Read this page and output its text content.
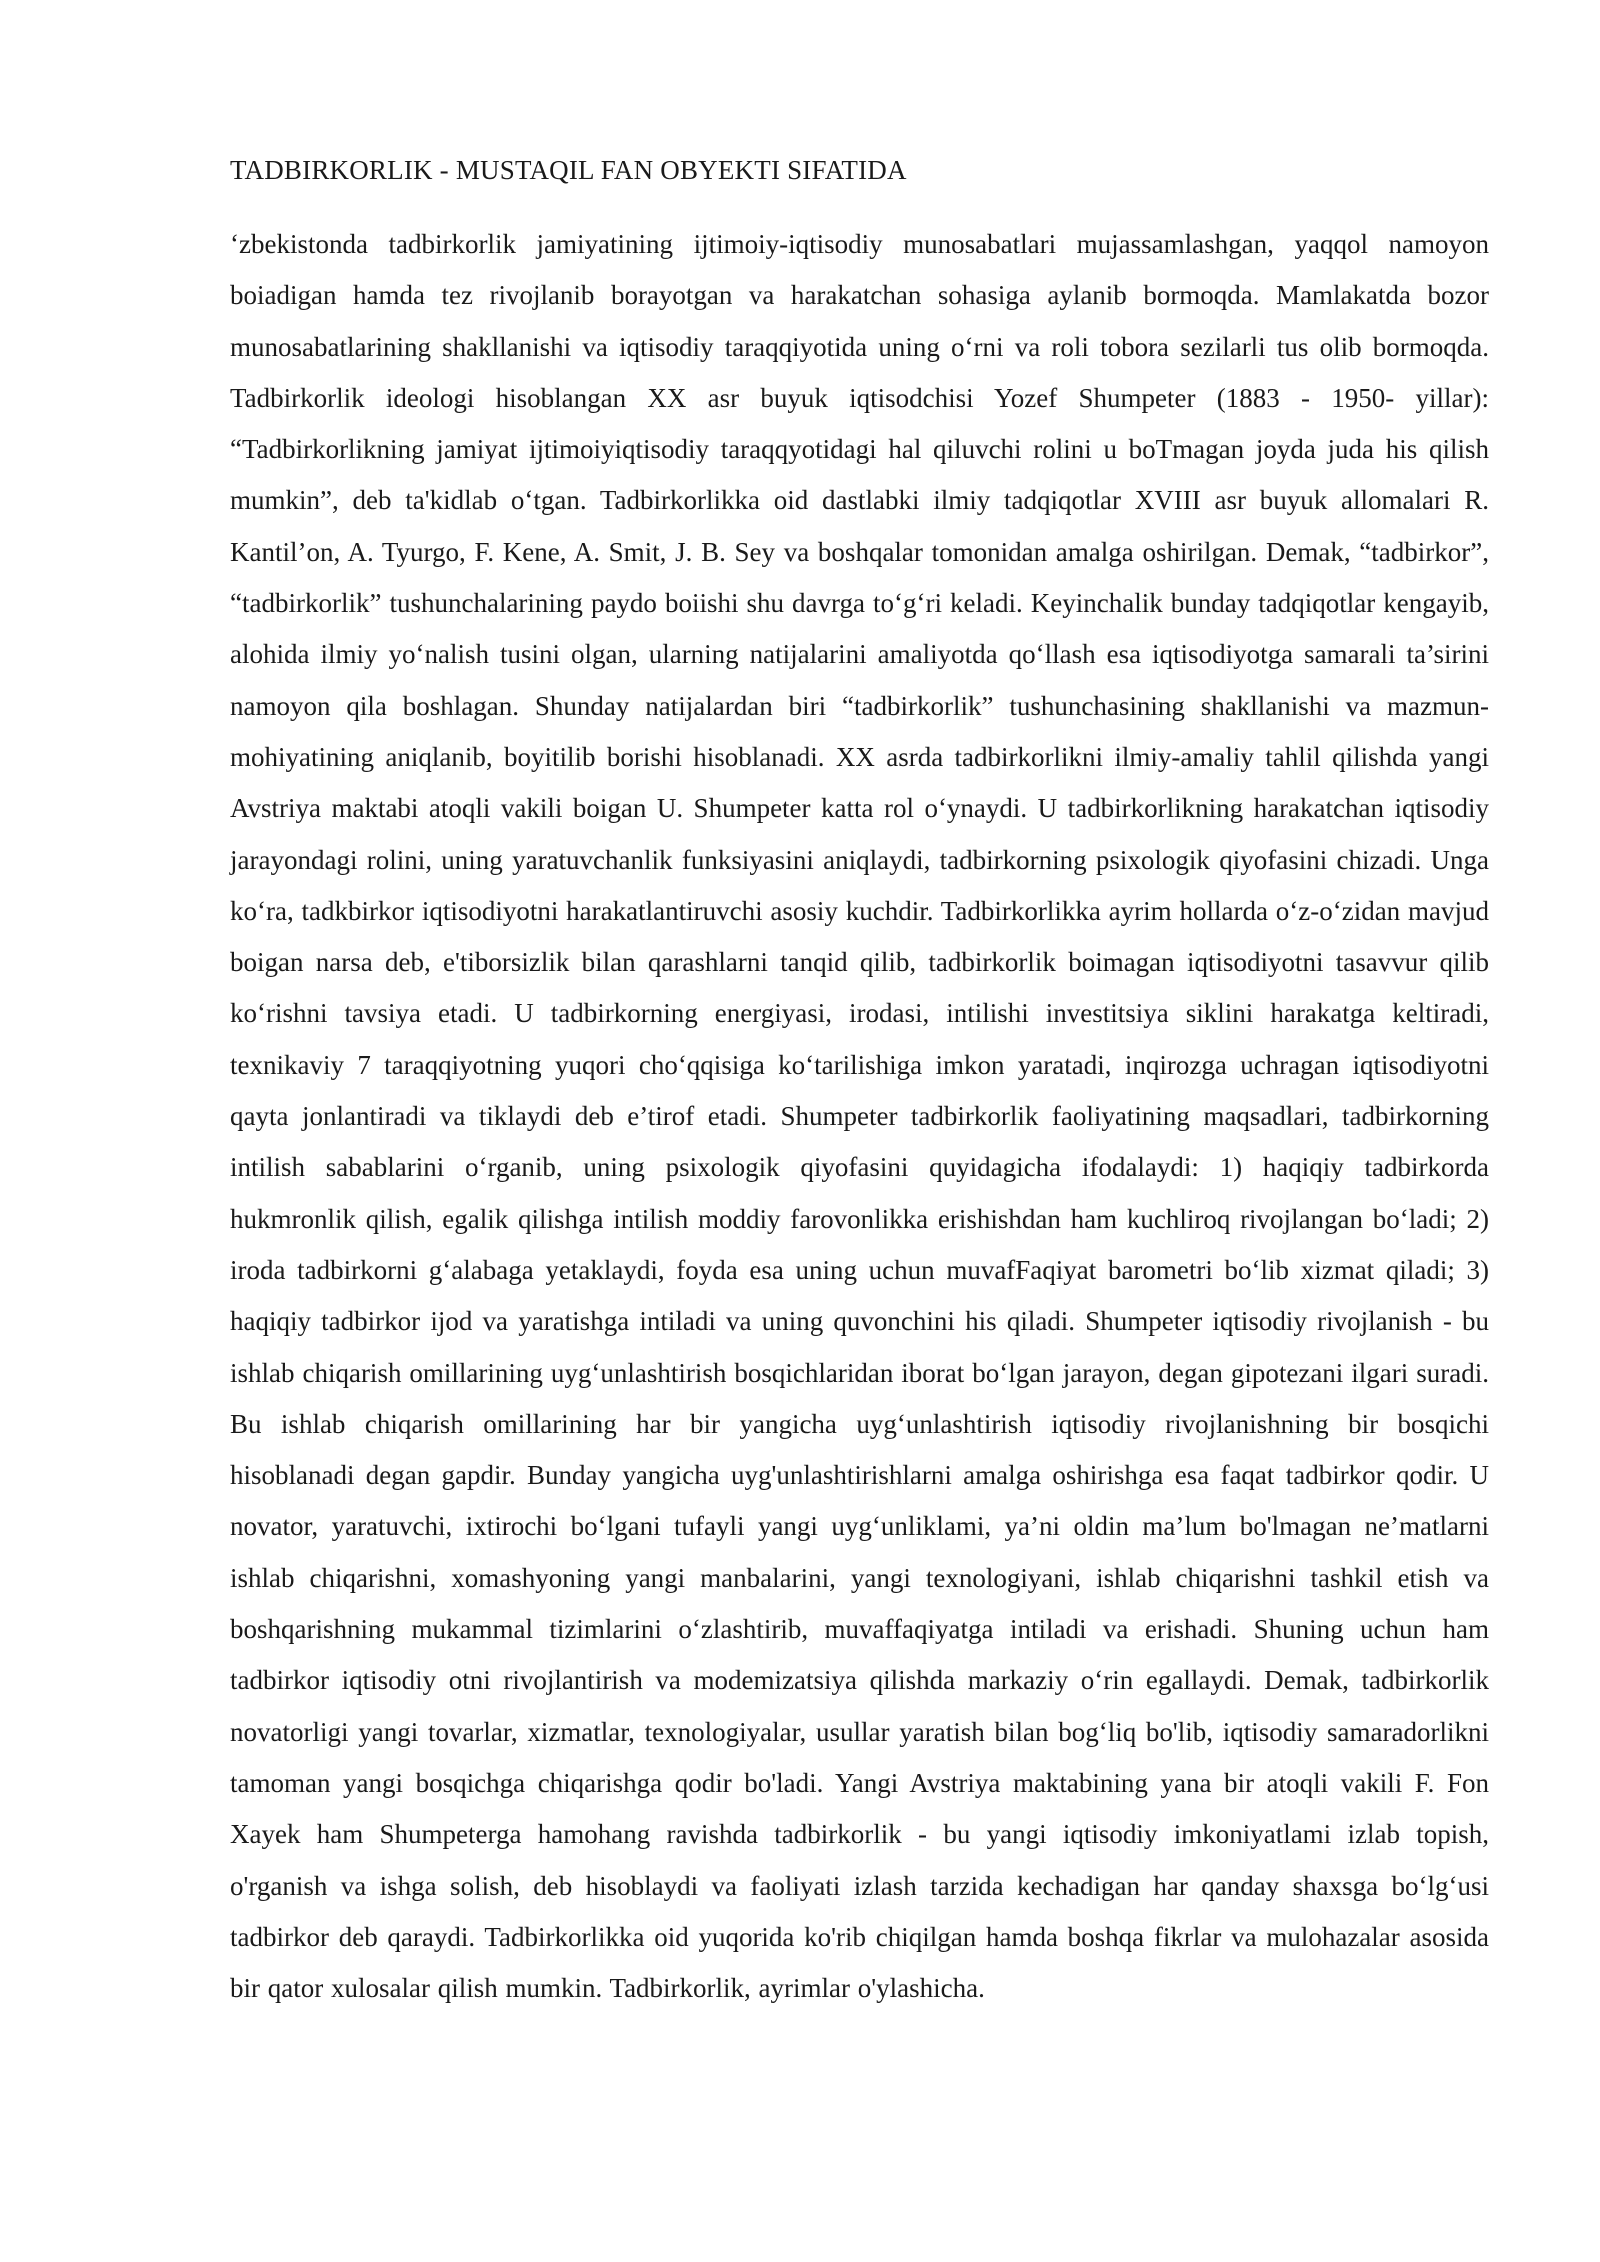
TADBIRKORLIK - MUSTAQIL FAN OBYEKTI SIFATIDA

‘zbekistonda tadbirkorlik jamiyatining ijtimoiy-iqtisodiy munosabatlari mujassamlashgan, yaqqol namoyon boiadigan hamda tez rivojlanib borayotgan va harakatchan sohasiga aylanib bormoqda. Mamlakatda bozor munosabatlarining shakllanishi va iqtisodiy taraqqiyotida uning o‘rni va roli tobora sezilarli tus olib bormoqda. Tadbirkorlik ideologi hisoblangan XX asr buyuk iqtisodchisi Yozef Shumpeter (1883 - 1950- yillar): “Tadbirkorlikning jamiyat ijtimoiyiqtisodiy taraqqyotidagi hal qiluvchi rolini u boTmagan joyda juda his qilish mumkin”, deb ta'kidlab o‘tgan. Tadbirkorlikka oid dastlabki ilmiy tadqiqotlar XVIII asr buyuk allomalari R. Kantil’on, A. Tyurgo, F. Kene, A. Smit, J. B. Sey va boshqalar tomonidan amalga oshirilgan. Demak, “tadbirkor”, “tadbirkorlik” tushunchalarining paydo boiishi shu davrga to‘g‘ri keladi. Keyinchalik bunday tadqiqotlar kengayib, alohida ilmiy yo‘nalish tusini olgan, ularning natijalarini amaliyotda qo‘llash esa iqtisodiyotga samarali ta’sirini namoyon qila boshlagan. Shunday natijalardan biri “tadbirkorlik” tushunchasining shakllanishi va mazmun-mohiyatining aniqlanib, boyitilib borishi hisoblanadi. XX asrda tadbirkorlikni ilmiy-amaliy tahlil qilishda yangi Avstriya maktabi atoqli vakili boigan U. Shumpeter katta rol o‘ynaydi. U tadbirkorlikning harakatchan iqtisodiy jarayondagi rolini, uning yaratuvchanlik funksiyasini aniqlaydi, tadbirkorning psixologik qiyofasini chizadi. Unga ko‘ra, tadkbirkor iqtisodiyotni harakatlantiruvchi asosiy kuchdir. Tadbirkorlikka ayrim hollarda o‘z-o‘zidan mavjud boigan narsa deb, e'tiborsizlik bilan qarashlarni tanqid qilib, tadbirkorlik boimagan iqtisodiyotni tasavvur qilib ko‘rishni tavsiya etadi. U tadbirkorning energiyasi, irodasi, intilishi investitsiya siklini harakatga keltiradi, texnikaviy 7 taraqqiyotning yuqori cho‘qqisiga ko‘tarilishiga imkon yaratadi, inqirozga uchragan iqtisodiyotni qayta jonlantiradi va tiklaydi deb e’tirof etadi. Shumpeter tadbirkorlik faoliyatining maqsadlari, tadbirkorning intilish sabablarini o‘rganib, uning psixologik qiyofasini quyidagicha ifodalaydi: 1) haqiqiy tadbirkorda hukmronlik qilish, egalik qilishga intilish moddiy farovonlikka erishishdan ham kuchliroq rivojlangan bo‘ladi; 2) iroda tadbirkorni g‘alabaga yetaklaydi, foyda esa uning uchun muvafFaqiyat barometri bo‘lib xizmat qiladi; 3) haqiqiy tadbirkor ijod va yaratishga intiladi va uning quvonchini his qiladi. Shumpeter iqtisodiy rivojlanish - bu ishlab chiqarish omillarining uyg‘unlashtirish bosqichlaridan iborat bo‘lgan jarayon, degan gipotezani ilgari suradi. Bu ishlab chiqarish omillarining har bir yangicha uyg‘unlashtirish iqtisodiy rivojlanishning bir bosqichi hisoblanadi degan gapdir. Bunday yangicha uyg'unlashtirishlarni amalga oshirishga esa faqat tadbirkor qodir. U novator, yaratuvchi, ixtirochi bo‘lgani tufayli yangi uyg‘unliklami, ya’ni oldin ma’lum bo'lmagan ne’matlarni ishlab chiqarishni, xomashyoning yangi manbalarini, yangi texnologiyani, ishlab chiqarishni tashkil etish va boshqarishning mukammal tizimlarini o‘zlashtirib, muvaffaqiyatga intiladi va erishadi. Shuning uchun ham tadbirkor iqtisodiy otni rivojlantirish va modemizatsiya qilishda markaziy o‘rin egallaydi. Demak, tadbirkorlik novatorligi yangi tovarlar, xizmatlar, texnologiyalar, usullar yaratish bilan bog‘liq bo'lib, iqtisodiy samaradorlikni tamoman yangi bosqichga chiqarishga qodir bo'ladi. Yangi Avstriya maktabining yana bir atoqli vakili F. Fon Xayek ham Shumpeterga hamohang ravishda tadbirkorlik - bu yangi iqtisodiy imkoniyatlami izlab topish, o'rganish va ishga solish, deb hisoblaydi va faoliyati izlash tarzida kechadigan har qanday shaxsga bo‘lg‘usi tadbirkor deb qaraydi. Tadbirkorlikka oid yuqorida ko'rib chiqilgan hamda boshqa fikrlar va mulohazalar asosida bir qator xulosalar qilish mumkin. Tadbirkorlik, ayrimlar o'ylashicha.
